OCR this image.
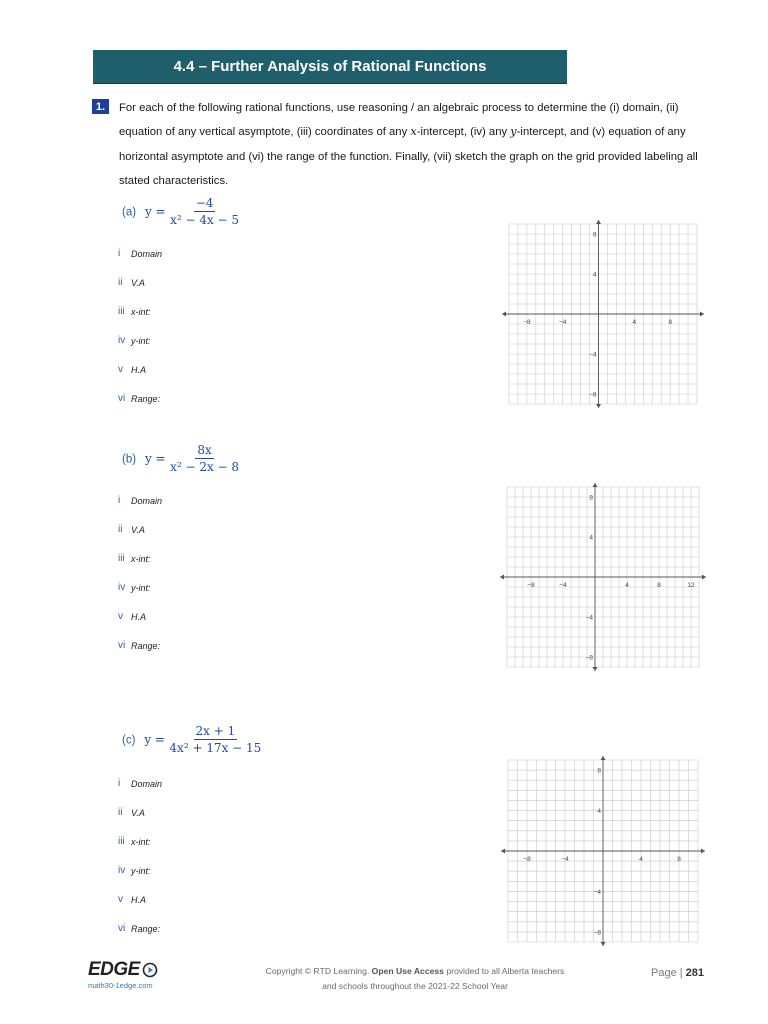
4.4 – Further Analysis of Rational Functions
1.	For each of the following rational functions, use reasoning / an algebraic process to determine the (i) domain, (ii) equation of any vertical asymptote, (iii) coordinates of any x-intercept, (iv) any y-intercept, and (v) equation of any horizontal asymptote and (vi) the range of the function. Finally, (vii) sketch the graph on the grid provided labeling all stated characteristics.
(a) $y = \frac{-4}{\text{x² − 4x − 5}}$
i	Domain
ii V.A
iii x-int:
iv y-int:
v H.A
vi Range:
−8	−4	4	8
8
4
−4
−8
(b) $y = \frac{8x}{\text{x² − 2x − 8}}$
i	Domain
ii V.A
iii x-int:
iv y-int:
v H.A
vi Range:
−8	−4	4	8	12
8
4
−4
−8
(c) $y = \frac{2x + 1}{\text{4x² + 17x − 15}}$
i	Domain
ii V.A
iii x-int:
iv y-int:
v H.A
vi Range:
−8	−4	4	8
8
4
−4
−8
EDGE
math30-1edge.com
Copyright © RTD Learning. Open Use Access provided to all Alberta teachers
and schools throughout the 2021-22 School Year
Page | 281
